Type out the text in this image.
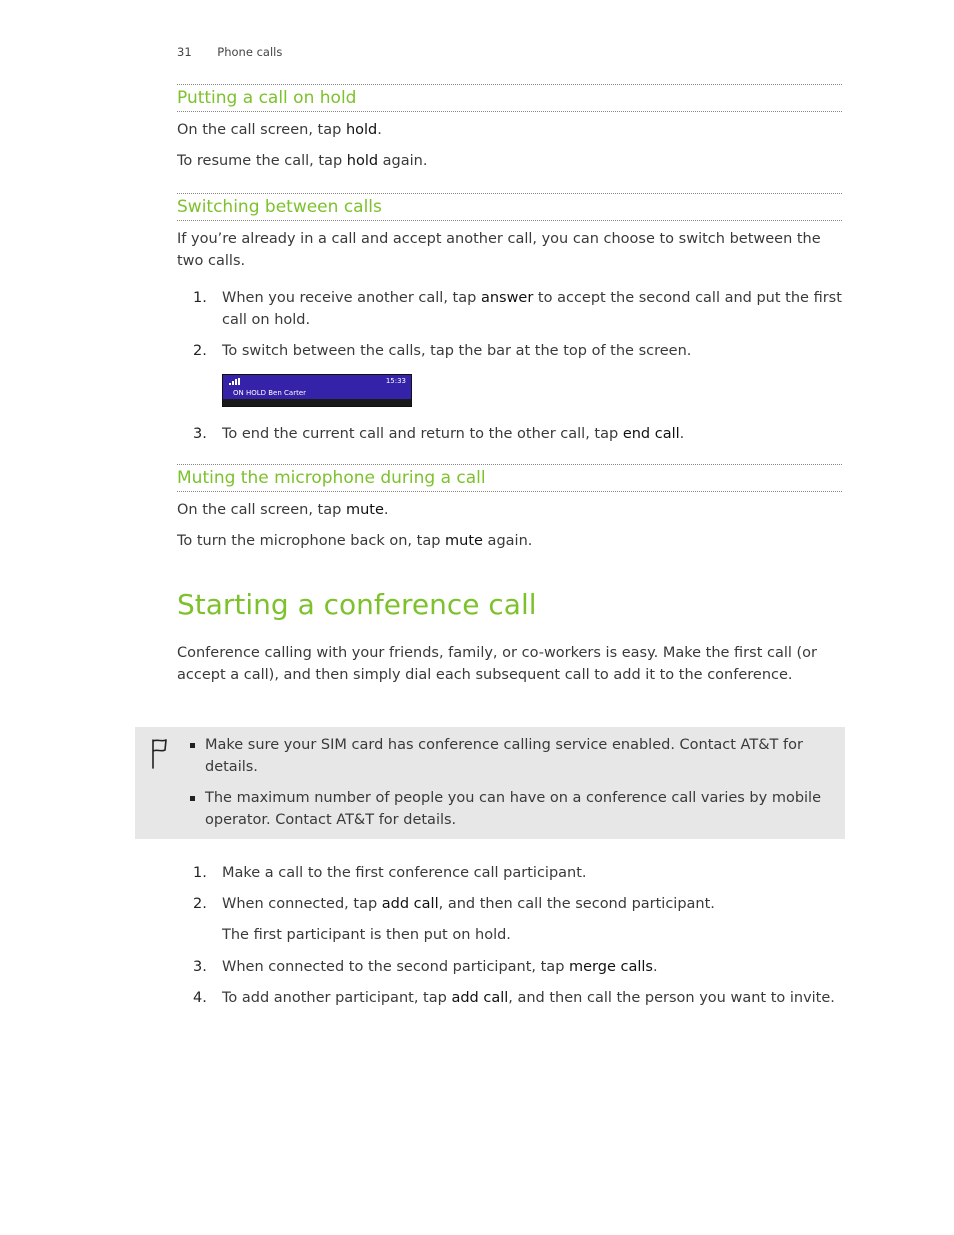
31 Phone calls
Putting a call on hold

On the call screen, tap hold.

To resume the call, tap hold again.

Switching between calls

If you’re already in a call and accept another call, you can choose to switch between the two calls.

1. When you receive another call, tap answer to accept the second call and put the first call on hold.
2. To switch between the calls, tap the bar at the top of the screen.
15:33
ON HOLD Ben Carter
3. To end the current call and return to the other call, tap end call.
Muting the microphone during a call

On the call screen, tap mute.

To turn the microphone back on, tap mute again.

Starting a conference call

Conference calling with your friends, family, or co-workers is easy. Make the first call (or accept a call), and then simply dial each subsequent call to add it to the conference.

Make sure your SIM card has conference calling service enabled. Contact AT&T for details.
The maximum number of people you can have on a conference call varies by mobile operator. Contact AT&T for details.
1. Make a call to the first conference call participant.
2. When connected, tap add call, and then call the second participant.
The first participant is then put on hold.
3. When connected to the second participant, tap merge calls.
4. To add another participant, tap add call, and then call the person you want to invite.
